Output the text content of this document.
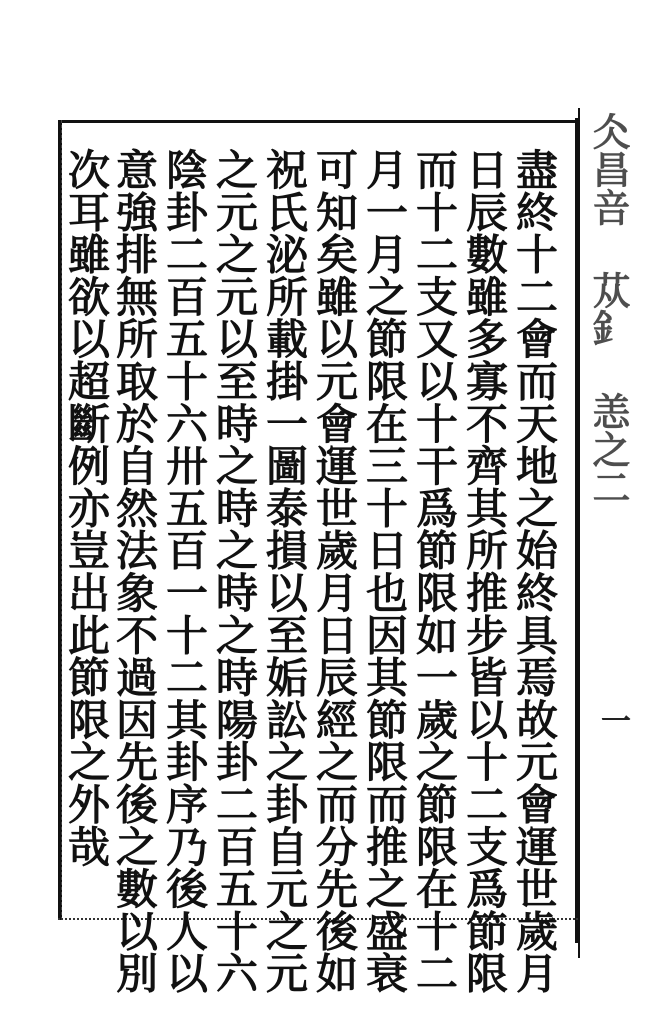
仌昌咅 苁釒 恙之二
一
盡終十二會而天地之始終具焉故元會運世歲月
日辰數雖多寡不齊其所推步皆以十二支爲節限
而十二支又以十干爲節限如一歲之節限在十二
月一月之節限在三十日也因其節限而推之盛衰
可知矣雖以元會運世歲月日辰經之而分先後如
祝氏泌所載掛一圖泰損以至姤訟之卦自元之元
之元之元以至時之時之時之時陽卦二百五十六
陰卦二百五十六卅五百一十二其卦序乃後人以
意強排無所取於自然法象不過因先後之數以別
次耳雖欲以超斷例亦豈出此節限之外哉
